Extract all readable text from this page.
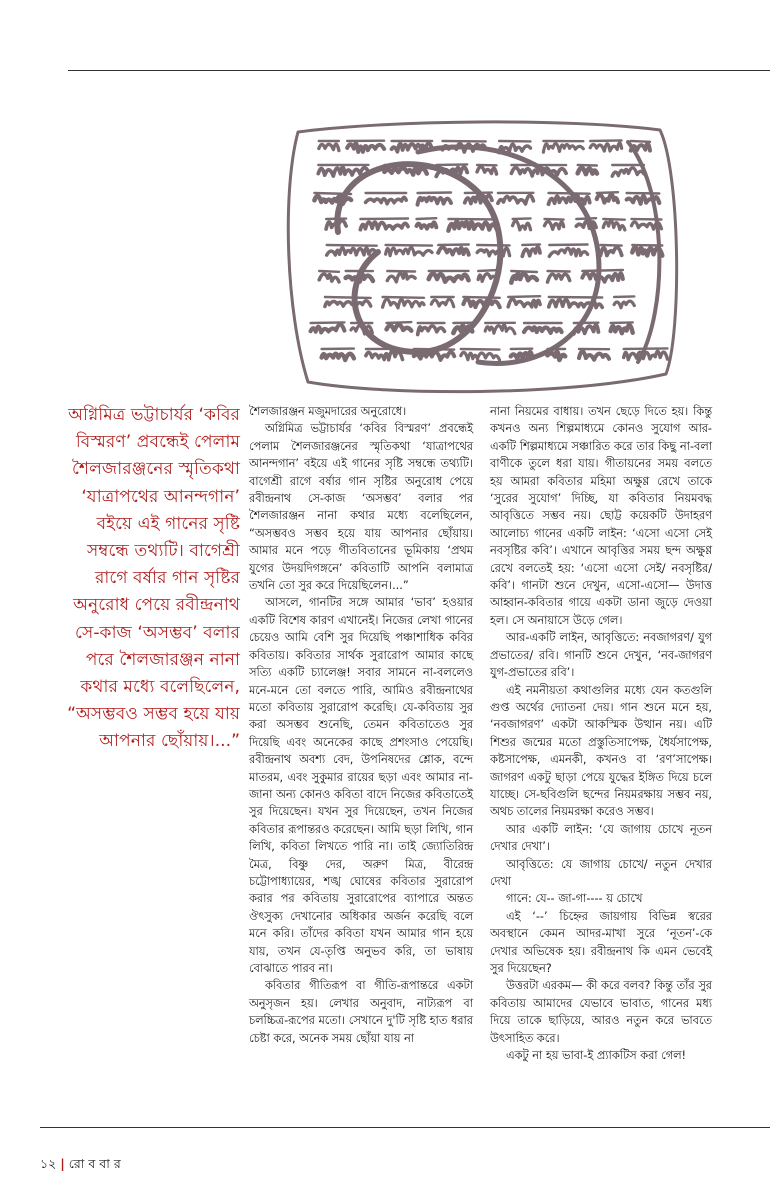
অগ্নিমিত্র ভট্টাচার্যর ‘কবির বিস্মরণ’ প্রবন্ধেই পেলাম শৈলজারঞ্জনের স্মৃতিকথা ‘যাত্রাপথের আনন্দগান’ বইয়ে এই গানের সৃষ্টি সম্বন্ধে তথ্যটি। বাগেশ্রী রাগে বর্ষার গান সৃষ্টির অনুরোধ পেয়ে রবীন্দ্রনাথ সে-কাজ ‘অসম্ভব’ বলার পরে শৈলজারঞ্জন নানা কথার মধ্যে বলেছিলেন, “অসম্ভবও সম্ভব হয়ে যায় আপনার ছোঁয়ায়।...”

শৈলজারঞ্জন মজুমদারের অনুরোধে।

অগ্নিমিত্র ভট্টাচার্যর ‘কবির বিস্মরণ’ প্রবন্ধেই পেলাম শৈলজারঞ্জনের স্মৃতিকথা ‘যাত্রাপথের আনন্দগান’ বইয়ে এই গানের সৃষ্টি সম্বন্ধে তথ্যটি। বাগেশ্রী রাগে বর্ষার গান সৃষ্টির অনুরোধ পেয়ে রবীন্দ্রনাথ সে-কাজ ‘অসম্ভব’ বলার পর শৈলজারঞ্জন নানা কথার মধ্যে বলেছিলেন, “অসম্ভবও সম্ভব হয়ে যায় আপনার ছোঁয়ায়। আমার মনে পড়ে গীতবিতানের ভূমিকায় ‘প্রথম যুগের উদয়দিগঙ্গনে’ কবিতাটি আপনি বলামাত্র তখনি তো সুর করে দিয়েছিলেন।...”

আসলে, গানটির সঙ্গে আমার ‘ভাব’ হওয়ার একটি বিশেষ কারণ এখানেই। নিজের লেখা গানের চেয়েও আমি বেশি সুর দিয়েছি পঞ্চাশাধিক কবির কবিতায়। কবিতার সার্থক সুরারোপ আমার কাছে সত্যি একটি চ্যালেঞ্জ! সবার সামনে না-বললেও মনে-মনে তো বলতে পারি, আমিও রবীন্দ্রনাথের মতো কবিতায় সুরারোপ করেছি। যে-কবিতায় সুর করা অসম্ভব শুনেছি, তেমন কবিতাতেও সুর দিয়েছি এবং অনেকের কাছে প্রশংসাও পেয়েছি। রবীন্দ্রনাথ অবশ্য বেদ, উপনিষদের শ্লোক, বন্দে মাতরম, এবং সুকুমার রায়ের ছড়া এবং আমার না-জানা অন্য কোনও কবিতা বাদে নিজের কবিতাতেই সুর দিয়েছেন। যখন সুর দিয়েছেন, তখন নিজের কবিতার রূপান্তরও করেছেন। আমি ছড়া লিখি, গান লিখি, কবিতা লিখতে পারি না। তাই জ্যোতিরিন্দ্র মৈত্র, বিষ্ণু দের, অরুণ মিত্র, বীরেন্দ্র চট্টোপাধ্যায়ের, শঙ্খ ঘোষের কবিতার সুরারোপ করার পর কবিতায় সুরারোপের ব্যাপারে অন্তত ঔৎসুক্য দেখানোর অধিকার অর্জন করেছি বলে মনে করি। তাঁদের কবিতা যখন আমার গান হয়ে যায়, তখন যে-তৃপ্তি অনুভব করি, তা ভাষায় বোঝাতে পারব না।

কবিতার গীতিরূপ বা গীতি-রূপান্তরে একটা অনুসৃজন হয়। লেখার অনুবাদ, নাট্যরূপ বা চলচ্চিত্র-রূপের মতো। সেখানে দু'টি সৃষ্টি হাত ধরার চেষ্টা করে, অনেক সময় ছোঁয়া যায় না

নানা নিয়মের বাধায়। তখন ছেড়ে দিতে হয়। কিন্তু কখনও অন্য শিল্পমাধ্যমে কোনও সুযোগ আর-একটি শিল্পমাধ্যমে সঞ্চারিত করে তার কিছু না-বলা বাণীকে তুলে ধরা যায়। গীতায়নের সময় বলতে হয় আমরা কবিতার মহিমা অক্ষুণ্ণ রেখে তাকে ‘সুরের সুযোগ’ দিচ্ছি, যা কবিতার নিয়মবদ্ধ আবৃত্তিতে সম্ভব নয়। ছোট্ট কয়েকটি উদাহরণ আলোচ্য গানের একটি লাইন: ‘এসো এসো সেই নবসৃষ্টির কবি’। এখানে আবৃত্তির সময় ছন্দ অক্ষুণ্ণ রেখে বলতেই হয়: ‘এসো এসো সেই/ নবসৃষ্টির/ কবি’। গানটা শুনে দেখুন, এসো-এসো— উদাত্ত আহ্বান-কবিতার গায়ে একটা ডানা জুড়ে দেওয়া হল। সে অনায়াসে উড়ে গেল।

আর-একটি লাইন, আবৃত্তিতে: নবজাগরণ/ যুগ প্রভাতের/ রবি। গানটি শুনে দেখুন, ‘নব-জাগরণ যুগ-প্রভাতের রবি’।

এই নমনীয়তা কথাগুলির মধ্যে যেন কতগুলি গুপ্ত অর্থের দ্যোতনা দেয়। গান শুনে মনে হয়, ‘নবজাগরণ’ একটা আকস্মিক উত্থান নয়। এটি শিশুর জন্মের মতো প্রস্তুতিসাপেক্ষ, ধৈর্যসাপেক্ষ, কষ্টসাপেক্ষ, এমনকী, কখনও বা ‘রণ’সাপেক্ষ। জাগরণ একটু ছাড়া পেয়ে যুদ্ধের ইঙ্গিত দিয়ে চলে যাচ্ছে। সে-ছবিগুলি ছন্দের নিয়মরক্ষায় সম্ভব নয়, অথচ তালের নিয়মরক্ষা করেও সম্ভব।

আর একটি লাইন: ‘যে জাগায় চোখে নূতন দেখার দেখা’।

আবৃত্তিতে: যে জাগায় চোখে/ নতুন দেখার দেখা

গানে: যে-- জা-গা---- য় চোখে

এই ‘--’ চিহ্নের জায়গায় বিভিন্ন স্বরের অবস্থানে কেমন আদর-মাখা সুরে ‘নূতন’-কে দেখার অভিষেক হয়। রবীন্দ্রনাথ কি এমন ভেবেই সুর দিয়েছেন?

উত্তরটা এরকম— কী করে বলব? কিন্তু তাঁর সুর কবিতায় আমাদের যেভাবে ভাবাত, গানের মধ্য দিয়ে তাকে ছাড়িয়ে, আরও নতুন করে ভাবতে উৎসাহিত করে।

একটু না হয় ভাবা-ই প্র্যাকটিস করা গেল!

১২ | রো ব বা র
